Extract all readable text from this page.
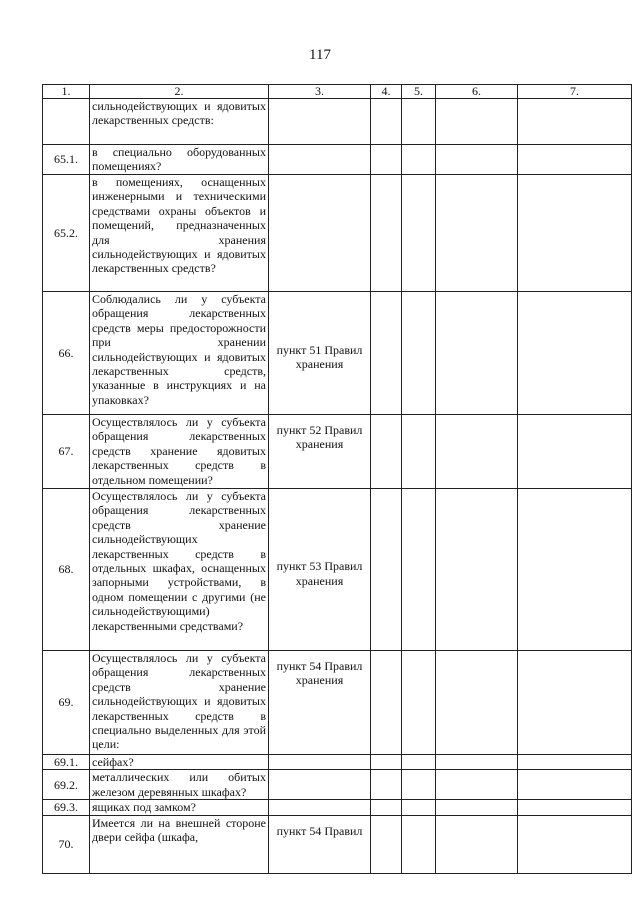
117
1.	2.	3.	4.	5.	6.	7.
	сильнодействующих и ядовитых лекарственных средств:					
65.1.	в специально оборудованных помещениях?					
65.2.	в помещениях, оснащенных инженерными и техническими средствами охраны объектов и помещений, предназначенных для хранения сильнодействующих и ядовитых лекарственных средств?					
66.	Соблюдались ли у субъекта обращения лекарственных средств меры предосторожности при хранении сильнодействующих и ядовитых лекарственных средств, указанные в инструкциях и на упаковках?	пункт 51 Правил хранения				
67.	Осуществлялось ли у субъекта обращения лекарственных средств хранение ядовитых лекарственных средств в отдельном помещении?	пункт 52 Правил хранения				
68.	Осуществлялось ли у субъекта обращения лекарственных средств хранение сильнодействующих лекарственных средств в отдельных шкафах, оснащенных запорными устройствами, в одном помещении с другими (не сильнодействующими) лекарственными средствами?	пункт 53 Правил хранения				
69.	Осуществлялось ли у субъекта обращения лекарственных средств хранение сильнодействующих и ядовитых лекарственных средств в специально выделенных для этой цели:	пункт 54 Правил хранения				
69.1.	сейфах?					
69.2.	металлических или обитых железом деревянных шкафах?					
69.3.	ящиках под замком?					
70.	Имеется ли на внешней стороне двери сейфа (шкафа,	пункт 54 Правил				
